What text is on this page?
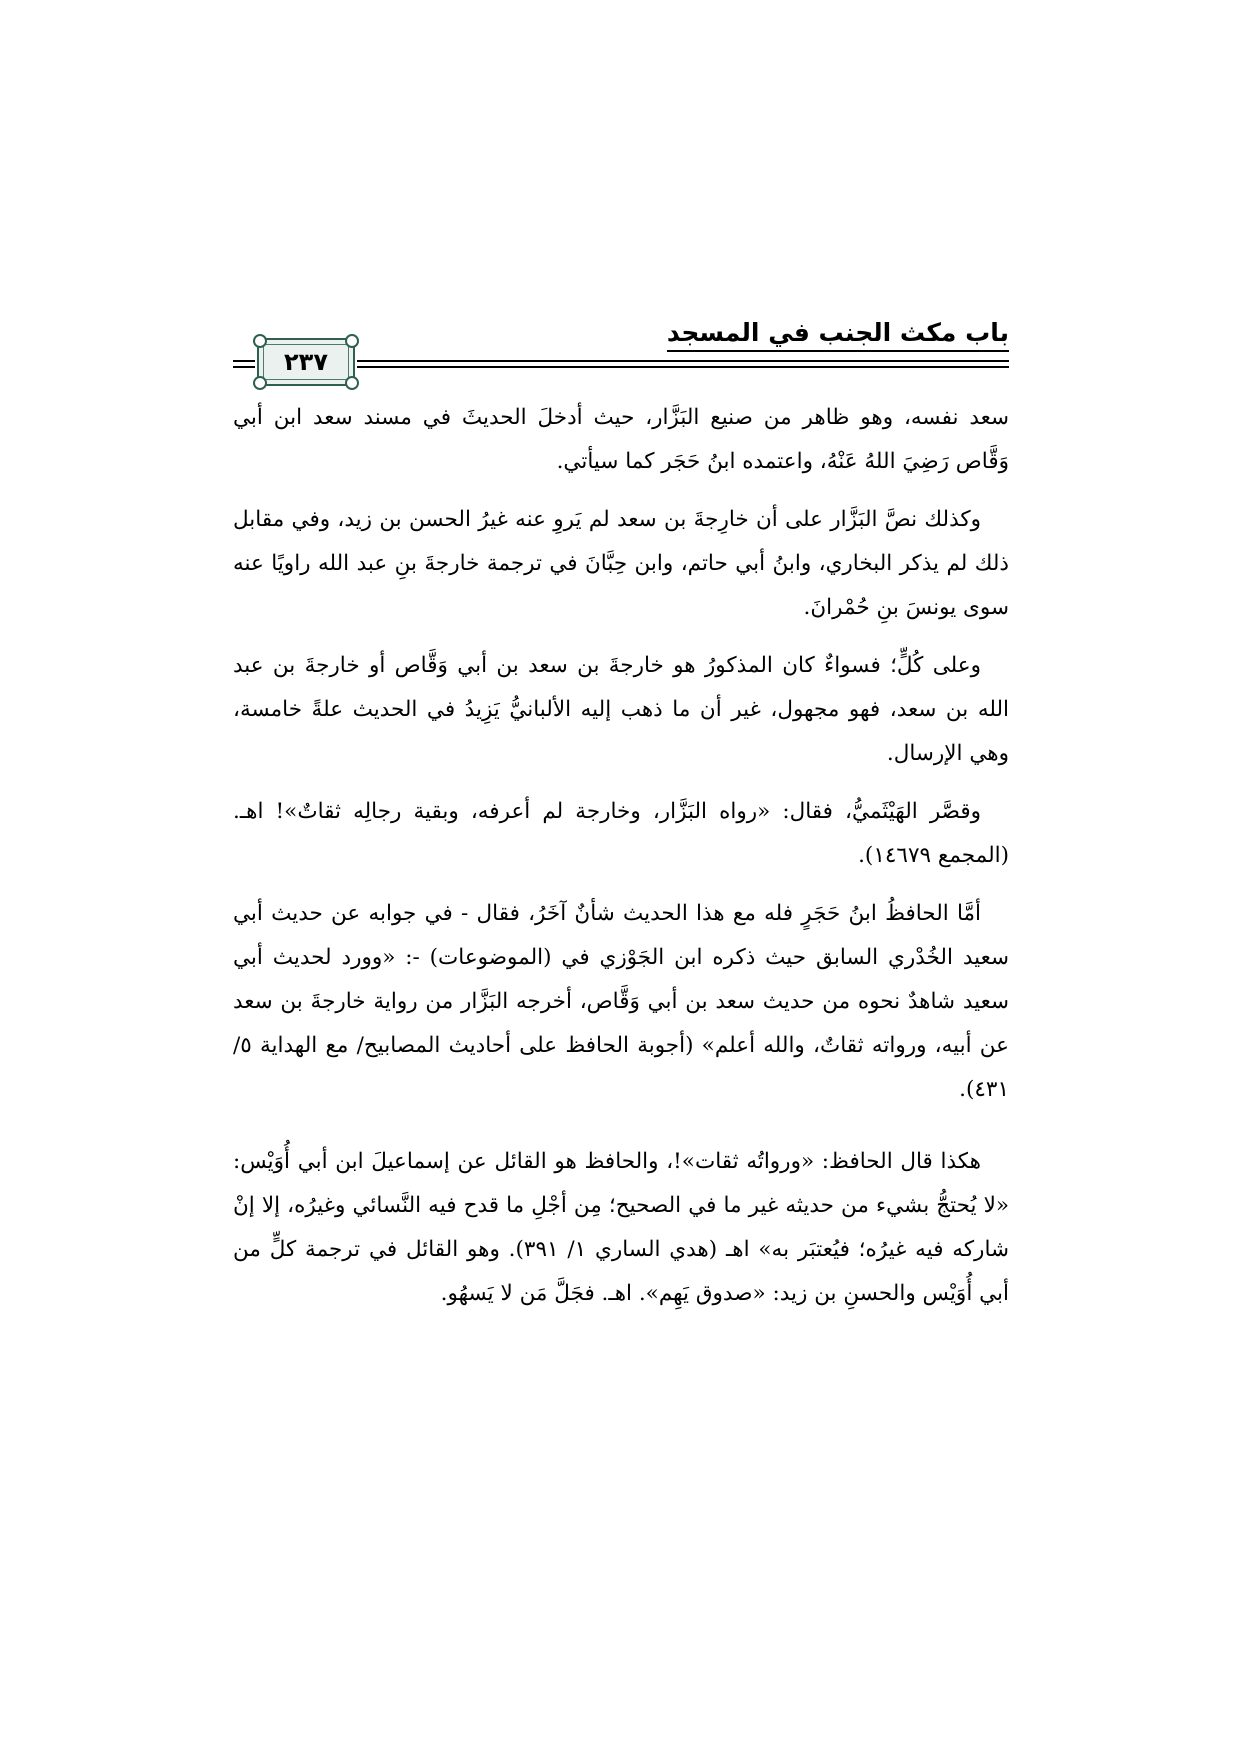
٢٣٧
باب مكث الجنب في المسجد

سعد نفسه، وهو ظاهر من صنيع البَزَّار، حيث أدخلَ الحديثَ في مسند سعد ابن أبي وَقَّاص رَضِيَ اللهُ عَنْهُ، واعتمده ابنُ حَجَر كما سيأتي.

وكذلك نصَّ البَزَّار على أن خارِجةَ بن سعد لم يَروِ عنه غيرُ الحسن بن زيد، وفي مقابل ذلك لم يذكر البخاري، وابنُ أبي حاتم، وابن حِبَّانَ في ترجمة خارجةَ بنِ عبد الله راويًا عنه سوى يونسَ بنِ حُمْرانَ.

وعلى كُلٍّ؛ فسواءٌ كان المذكورُ هو خارجةَ بن سعد بن أبي وَقَّاص أو خارجةَ بن عبد الله بن سعد، فهو مجهول، غير أن ما ذهب إليه الألبانيُّ يَزِيدُ في الحديث علةً خامسة، وهي الإرسال.

وقصَّر الهَيْثَميُّ، فقال: «رواه البَزَّار، وخارجة لم أعرفه، وبقية رجالِه ثقاتٌ»! اهـ. (المجمع ١٤٦٧٩).

أمَّا الحافظُ ابنُ حَجَرٍ فله مع هذا الحديث شأنٌ آخَرُ، فقال - في جوابه عن حديث أبي سعيد الخُدْري السابق حيث ذكره ابن الجَوْزي في (الموضوعات) -: «وورد لحديث أبي سعيد شاهدٌ نحوه من حديث سعد بن أبي وَقَّاص، أخرجه البَزَّار من رواية خارجةَ بن سعد عن أبيه، ورواته ثقاتٌ، والله أعلم» (أجوبة الحافظ على أحاديث المصابيح/ مع الهداية ٥/ ٤٣١).

هكذا قال الحافظ: «ورواتُه ثقات»!، والحافظ هو القائل عن إسماعيلَ ابن أبي أُوَيْس: «لا يُحتجُّ بشيء من حديثه غير ما في الصحيح؛ مِن أجْلِ ما قدح فيه النَّسائي وغيرُه، إلا إنْ شاركه فيه غيرُه؛ فيُعتبَر به» اهـ (هدي الساري ١/ ٣٩١). وهو القائل في ترجمة كلٍّ من أبي أُوَيْس والحسنِ بن زيد: «صدوق يَهِم». اهـ. فجَلَّ مَن لا يَسهُو.
